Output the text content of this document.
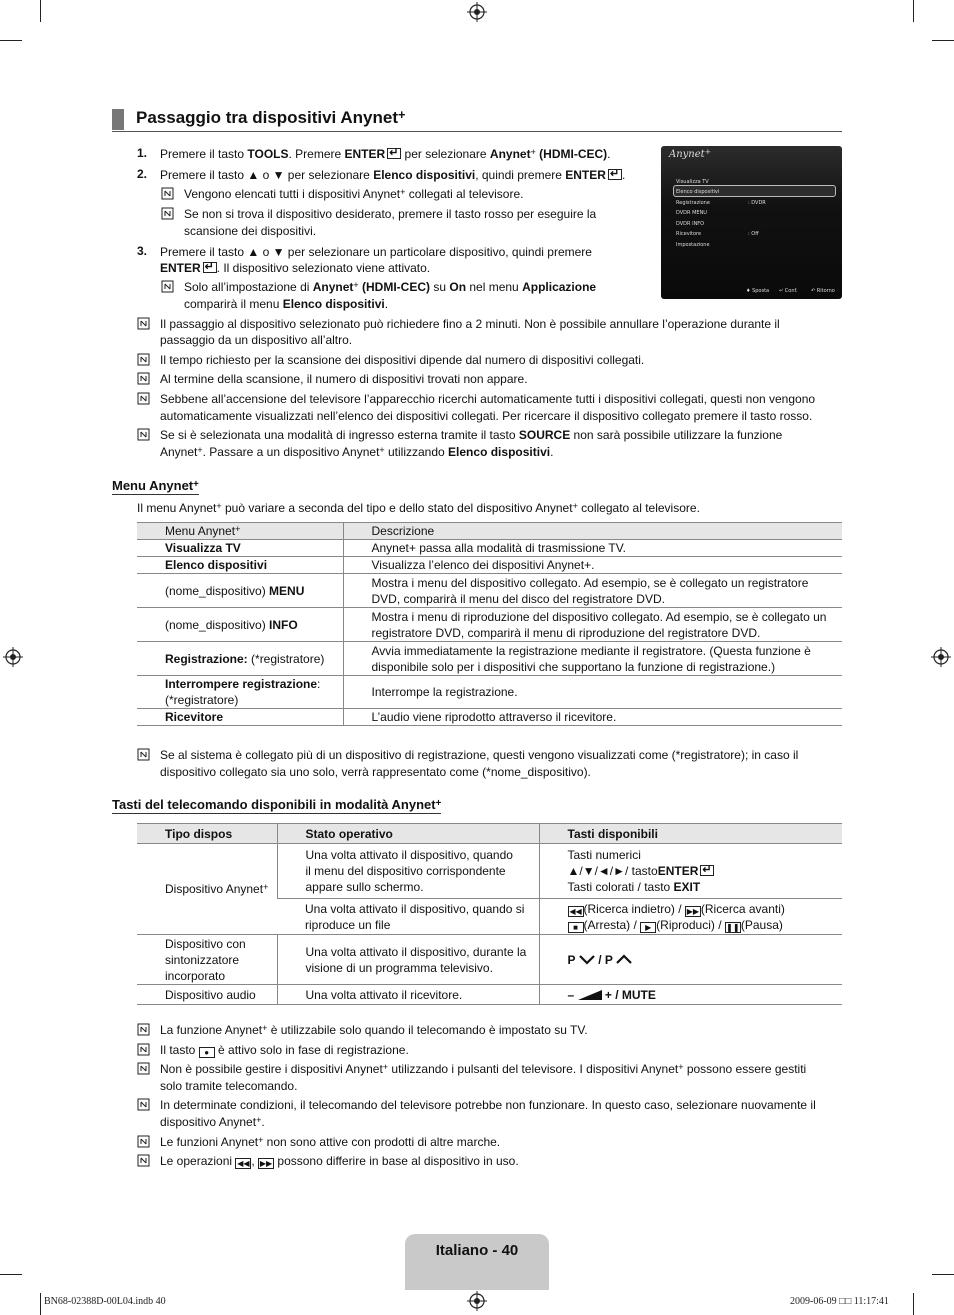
Passaggio tra dispositivi Anynet+
1. Premere il tasto TOOLS. Premere ENTER↵ per selezionare Anynet+ (HDMI-CEC).
2. Premere il tasto ▲ o ▼ per selezionare Elenco dispositivi, quindi premere ENTER ↵ .
Vengono elencati tutti i dispositivi Anynet+ collegati al televisore.
Se non si trova il dispositivo desiderato, premere il tasto rosso per eseguire la
scansione dei dispositivi.
3. Premere il tasto ▲ o ▼ per selezionare un particolare dispositivo, quindi premere
ENTER ↵ . Il dispositivo selezionato viene attivato.
Solo all’impostazione di Anynet+ (HDMI-CEC) su On nel menu Applicazione
comparirà il menu Elenco dispositivi.
Anynet+
Visualizza TV
Elenco dispositivi
Registrazione	: DVDR
DVDR MENU
DVDR INFO
Ricevitore	: Off
Impostazione
♦ Sposta ↵ Conf.	↶ Ritorno
Il passaggio al dispositivo selezionato può richiedere fino a 2 minuti. Non è possibile annullare l’operazione durante il
passaggio da un dispositivo all’altro.
Il tempo richiesto per la scansione dei dispositivi dipende dal numero di dispositivi collegati.
Al termine della scansione, il numero di dispositivi trovati non appare.
Sebbene all’accensione del televisore l’apparecchio ricerchi automaticamente tutti i dispositivi collegati, questi non vengono
automaticamente visualizzati nell’elenco dei dispositivi collegati. Per ricercare il dispositivo collegato premere il tasto rosso.
Se si è selezionata una modalità di ingresso esterna tramite il tasto SOURCE non sarà possibile utilizzare la funzione
Anynet+. Passare a un dispositivo Anynet+ utilizzando Elenco dispositivi.
Menu Anynet+
Il menu Anynet+ può variare a seconda del tipo e dello stato del dispositivo Anynet+ collegato al televisore.
Menu Anynet+	Descrizione
Visualizza TV	Anynet+ passa alla modalità di trasmissione TV.
Elenco dispositivi	Visualizza l’elenco dei dispositivi Anynet+.
(nome_dispositivo) MENU	Mostra i menu del dispositivo collegato. Ad esempio, se è collegato un registratore DVD, comparirà il menu del disco del registratore DVD.
(nome_dispositivo) INFO	Mostra i menu di riproduzione del dispositivo collegato. Ad esempio, se è collegato un registratore DVD, comparirà il menu di riproduzione del registratore DVD.
Registrazione: (*registratore)	Avvia immediatamente la registrazione mediante il registratore. (Questa funzione è disponibile solo per i dispositivi che supportano la funzione di registrazione.)
Interrompere registrazione: (*registratore)	Interrompe la registrazione.
Ricevitore	L’audio viene riprodotto attraverso il ricevitore.
Se al sistema è collegato più di un dispositivo di registrazione, questi vengono visualizzati come (*registratore); in caso il
dispositivo collegato sia uno solo, verrà rappresentato come (*nome_dispositivo).
Tasti del telecomando disponibili in modalità Anynet+
Tipo dispos	Stato operativo	Tasti disponibili
Dispositivo Anynet+	Una volta attivato il dispositivo, quando il menu del dispositivo corrispondente appare sullo schermo.	Tasti numerici
▲/▼/◄/►/ tastoENTER↵
Tasti colorati / tasto EXIT

	Una volta attivato il dispositivo, quando si riproduce un file	◀◀ (Ricerca indietro) / ▶▶ (Ricerca avanti)
■ (Arresta) / ▶ (Riproduci) / ❚❚(Pausa)

Dispositivo con sintonizzatore incorporato	Una volta attivato il dispositivo, durante la visione di un programma televisivo.	P  / P
Dispositivo audio	Una volta attivato il ricevitore.	– + / MUTE
La funzione Anynet+ è utilizzabile solo quando il telecomando è impostato su TV.
Il tasto ● è attivo solo in fase di registrazione.
Non è possibile gestire i dispositivi Anynet+ utilizzando i pulsanti del televisore. I dispositivi Anynet+ possono essere gestiti
solo tramite telecomando.
In determinate condizioni, il telecomando del televisore potrebbe non funzionare. In questo caso, selezionare nuovamente il
dispositivo Anynet+.
Le funzioni Anynet+ non sono attive con prodotti di altre marche.
Le operazioni ◀◀ , ▶▶ possono differire in base al dispositivo in uso.
Italiano - 40
BN68-02388D-00L04.indb 40	2009-06-09 □□ 11:17:41
